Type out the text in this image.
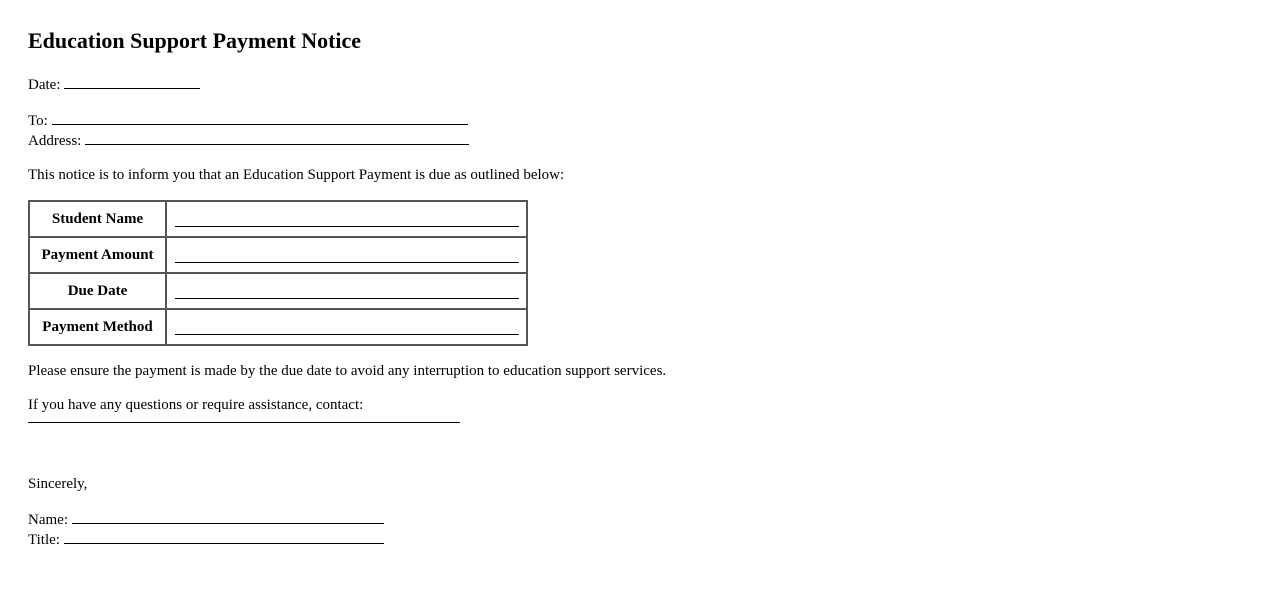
Education Support Payment Notice
Date:
To:
Address:
This notice is to inform you that an Education Support Payment is due as outlined below:
Student Name	
Payment Amount	
Due Date	
Payment Method	
Please ensure the payment is made by the due date to avoid any interruption to education support services.
If you have any questions or require assistance, contact:
Sincerely,
Name:
Title:
